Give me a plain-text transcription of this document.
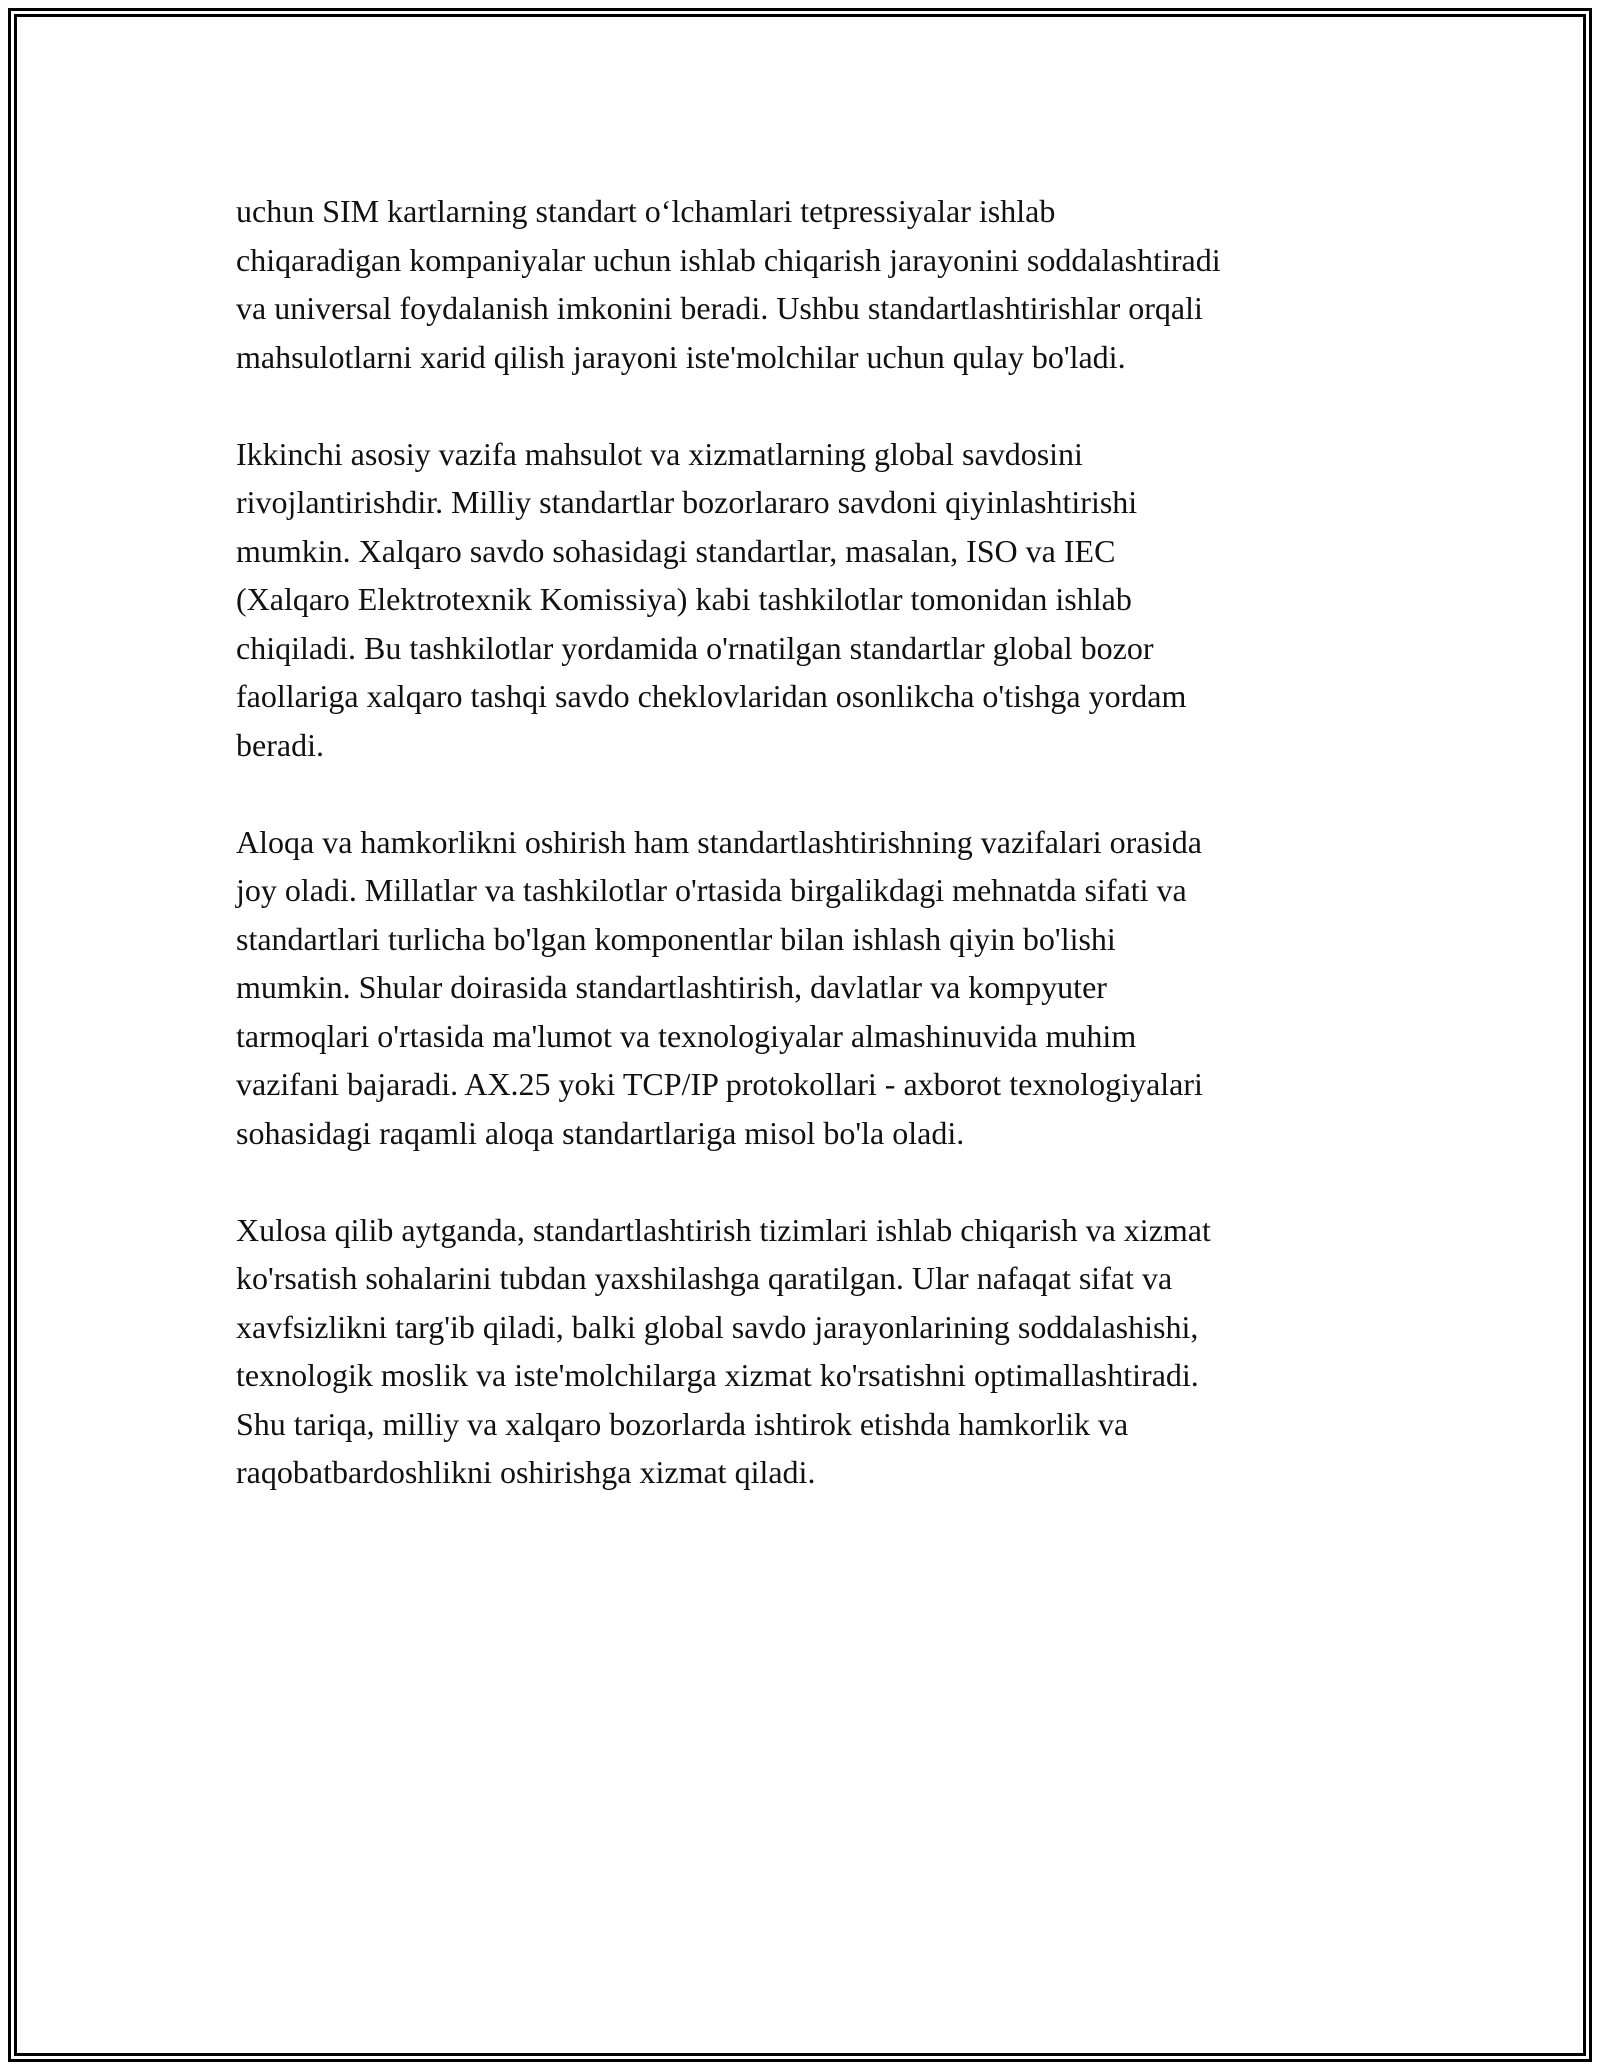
uchun SIM kartlarning standart o‘lchamlari tetpressiyalar ishlab
chiqaradigan kompaniyalar uchun ishlab chiqarish jarayonini soddalashtiradi
va universal foydalanish imkonini beradi. Ushbu standartlashtirishlar orqali
mahsulotlarni xarid qilish jarayoni iste'molchilar uchun qulay bo'ladi.

Ikkinchi asosiy vazifa mahsulot va xizmatlarning global savdosini
rivojlantirishdir. Milliy standartlar bozorlararo savdoni qiyinlashtirishi
mumkin. Xalqaro savdo sohasidagi standartlar, masalan, ISO va IEC
(Xalqaro Elektrotexnik Komissiya) kabi tashkilotlar tomonidan ishlab
chiqiladi. Bu tashkilotlar yordamida o'rnatilgan standartlar global bozor
faollariga xalqaro tashqi savdo cheklovlaridan osonlikcha o'tishga yordam
beradi.

Aloqa va hamkorlikni oshirish ham standartlashtirishning vazifalari orasida
joy oladi. Millatlar va tashkilotlar o'rtasida birgalikdagi mehnatda sifati va
standartlari turlicha bo'lgan komponentlar bilan ishlash qiyin bo'lishi
mumkin. Shular doirasida standartlashtirish, davlatlar va kompyuter
tarmoqlari o'rtasida ma'lumot va texnologiyalar almashinuvida muhim
vazifani bajaradi. AX.25 yoki TCP/IP protokollari - axborot texnologiyalari
sohasidagi raqamli aloqa standartlariga misol bo'la oladi.

Xulosa qilib aytganda, standartlashtirish tizimlari ishlab chiqarish va xizmat
ko'rsatish sohalarini tubdan yaxshilashga qaratilgan. Ular nafaqat sifat va
xavfsizlikni targ'ib qiladi, balki global savdo jarayonlarining soddalashishi,
texnologik moslik va iste'molchilarga xizmat ko'rsatishni optimallashtiradi.
Shu tariqa, milliy va xalqaro bozorlarda ishtirok etishda hamkorlik va
raqobatbardoshlikni oshirishga xizmat qiladi.
